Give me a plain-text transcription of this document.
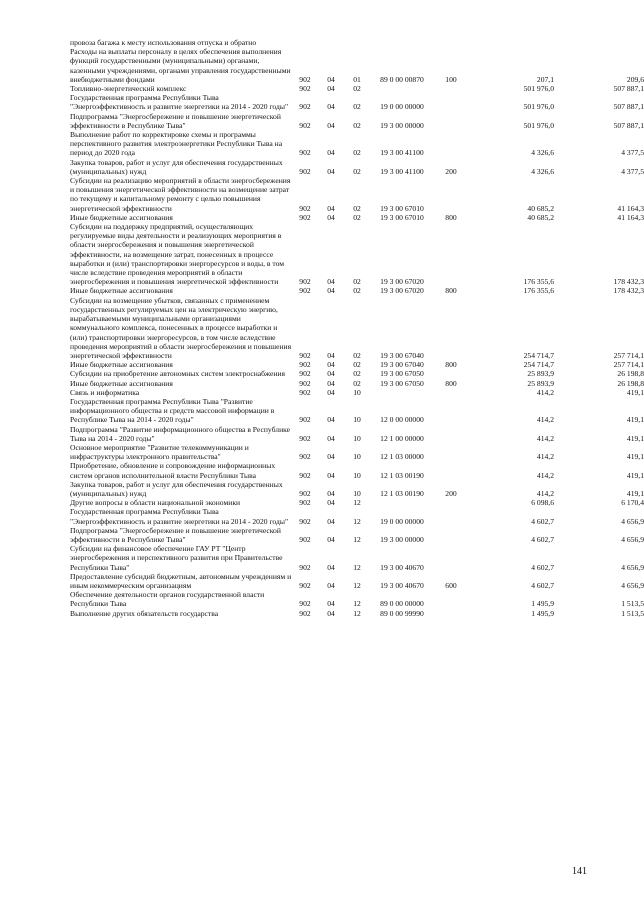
провоза багажа к месту использования отпуска и обратно							
Расходы на выплаты персоналу в целях обеспечения выполнения функций государственными (муниципальными) органами, казенными учреждениями, органами управления государственными внебюджетными фондами	902	04	01	89 0 00 00870	100	207,1	209,6
Топливно-энергетический комплекс	902	04	02			501 976,0	507 887,1
Государственная программа Республики Тыва "Энергоэффективность и развитие энергетики на 2014 - 2020 годы"	902	04	02	19 0 00 00000		501 976,0	507 887,1
Подпрограмма "Энергосбережение и повышение энергетической эффективности в Республике Тыва"	902	04	02	19 3 00 00000		501 976,0	507 887,1
Выполнение работ по корректировке схемы и программы перспективного развития электроэнергетики Республики Тыва на период до 2020 года	902	04	02	19 3 00 41100		4 326,6	4 377,5
Закупка товаров, работ и услуг для обеспечения государственных (муниципальных) нужд	902	04	02	19 3 00 41100	200	4 326,6	4 377,5
Субсидии на реализацию мероприятий в области энергосбережения и повышения энергетической эффективности на возмещение затрат по текущему и капитальному ремонту с целью повышения энергетической эффективности	902	04	02	19 3 00 67010		40 685,2	41 164,3
Иные бюджетные ассигнования	902	04	02	19 3 00 67010	800	40 685,2	41 164,3
Субсидии на поддержку предприятий, осуществляющих регулируемые виды деятельности и реализующих мероприятия в области энергосбережения и повышения энергетической эффективности, на возмещение затрат, понесенных в процессе выработки и (или) транспортировки энергоресурсов и воды, в том числе вследствие проведения мероприятий в области энергосбережения и повышения энергетической эффективности	902	04	02	19 3 00 67020		176 355,6	178 432,3
Иные бюджетные ассигнования	902	04	02	19 3 00 67020	800	176 355,6	178 432,3
Субсидии на возмещение убытков, связанных с применением государственных регулируемых цен на электрическую энергию, вырабатываемыми муниципальными организациями коммунального комплекса, понесенных в процессе выработки и (или) транспортировки энергоресурсов, в том числе вследствие проведения мероприятий в области энергосбережения и повышения энергетической эффективности	902	04	02	19 3 00 67040		254 714,7	257 714,1
Иные бюджетные ассигнования	902	04	02	19 3 00 67040	800	254 714,7	257 714,1
Субсидии на приобретение автономных систем электроснабжения	902	04	02	19 3 00 67050		25 893,9	26 198,8
Иные бюджетные ассигнования	902	04	02	19 3 00 67050	800	25 893,9	26 198,8
Связь и информатика	902	04	10			414,2	419,1
Государственная программа Республики Тыва "Развитие информационного общества и средств массовой информации в Республике Тыва на 2014 - 2020 годы"	902	04	10	12 0 00 00000		414,2	419,1
Подпрограмма "Развитие информационного общества в Республике Тыва на 2014 - 2020 годы"	902	04	10	12 1 00 00000		414,2	419,1
Основное мероприятие "Развитие телекоммуникации и инфраструктуры электронного правительства"	902	04	10	12 1 03 00000		414,2	419,1
Приобретение, обновление и сопровождение информационных систем органов исполнительной власти Республики Тыва	902	04	10	12 1 03 00190		414,2	419,1
Закупка товаров, работ и услуг для обеспечения государственных (муниципальных) нужд	902	04	10	12 1 03 00190	200	414,2	419,1
Другие вопросы в области национальной экономики	902	04	12			6 098,6	6 170,4
Государственная программа Республики Тыва "Энергоэффективность и развитие энергетики на 2014 - 2020 годы"	902	04	12	19 0 00 00000		4 602,7	4 656,9
Подпрограмма "Энергосбережение и повышение энергетической эффективности в Республике Тыва"	902	04	12	19 3 00 00000		4 602,7	4 656,9
Субсидии на финансовое обеспечение ГАУ РТ "Центр энергосбережения и перспективного развития при Правительстве Республики Тыва"	902	04	12	19 3 00 40670		4 602,7	4 656,9
Предоставление субсидий бюджетным, автономным учреждениям и иным некоммерческим организациям	902	04	12	19 3 00 40670	600	4 602,7	4 656,9
Обеспечение деятельности органов государственной власти Республики Тыва	902	04	12	89 0 00 00000		1 495,9	1 513,5
Выполнение других обязательств государства	902	04	12	89 0 00 99990		1 495,9	1 513,5
141
